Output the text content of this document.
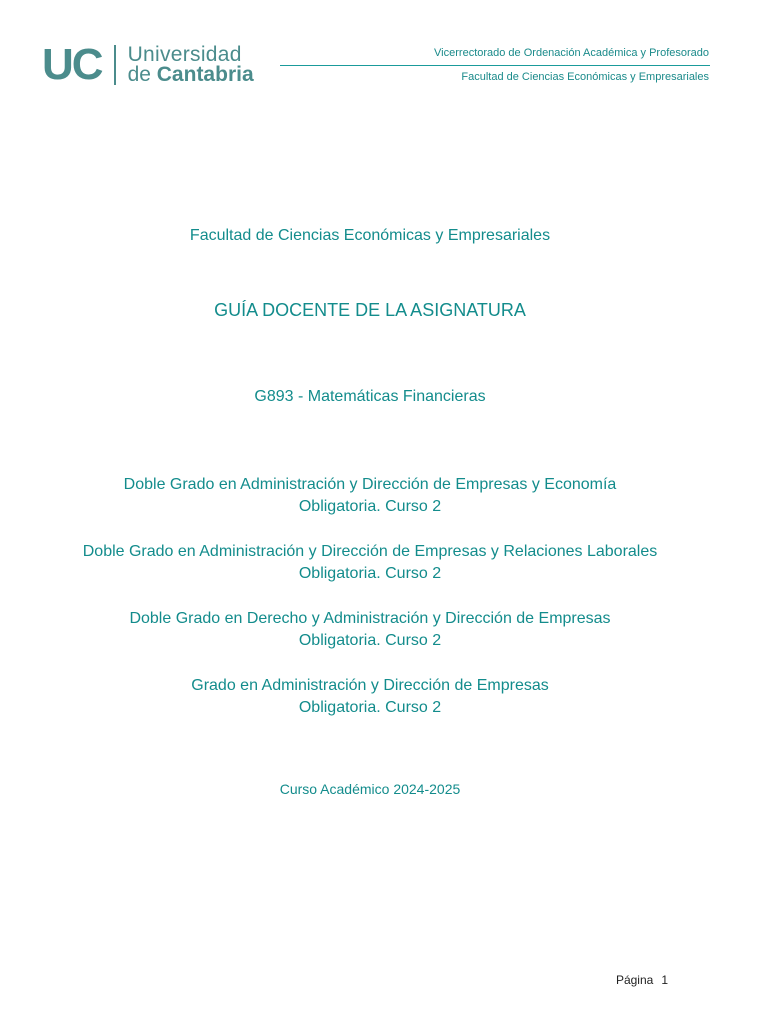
UC Universidad
de Cantabria
Vicerrectorado de Ordenación Académica y Profesorado
Facultad de Ciencias Económicas y Empresariales
Facultad de Ciencias Económicas y Empresariales
GUÍA DOCENTE DE LA ASIGNATURA
G893 - Matemáticas Financieras
Doble Grado en Administración y Dirección de Empresas y Economía
Obligatoria. Curso 2
Doble Grado en Administración y Dirección de Empresas y Relaciones Laborales
Obligatoria. Curso 2
Doble Grado en Derecho y Administración y Dirección de Empresas
Obligatoria. Curso 2
Grado en Administración y Dirección de Empresas
Obligatoria. Curso 2
Curso Académico 2024-2025
Página 1
